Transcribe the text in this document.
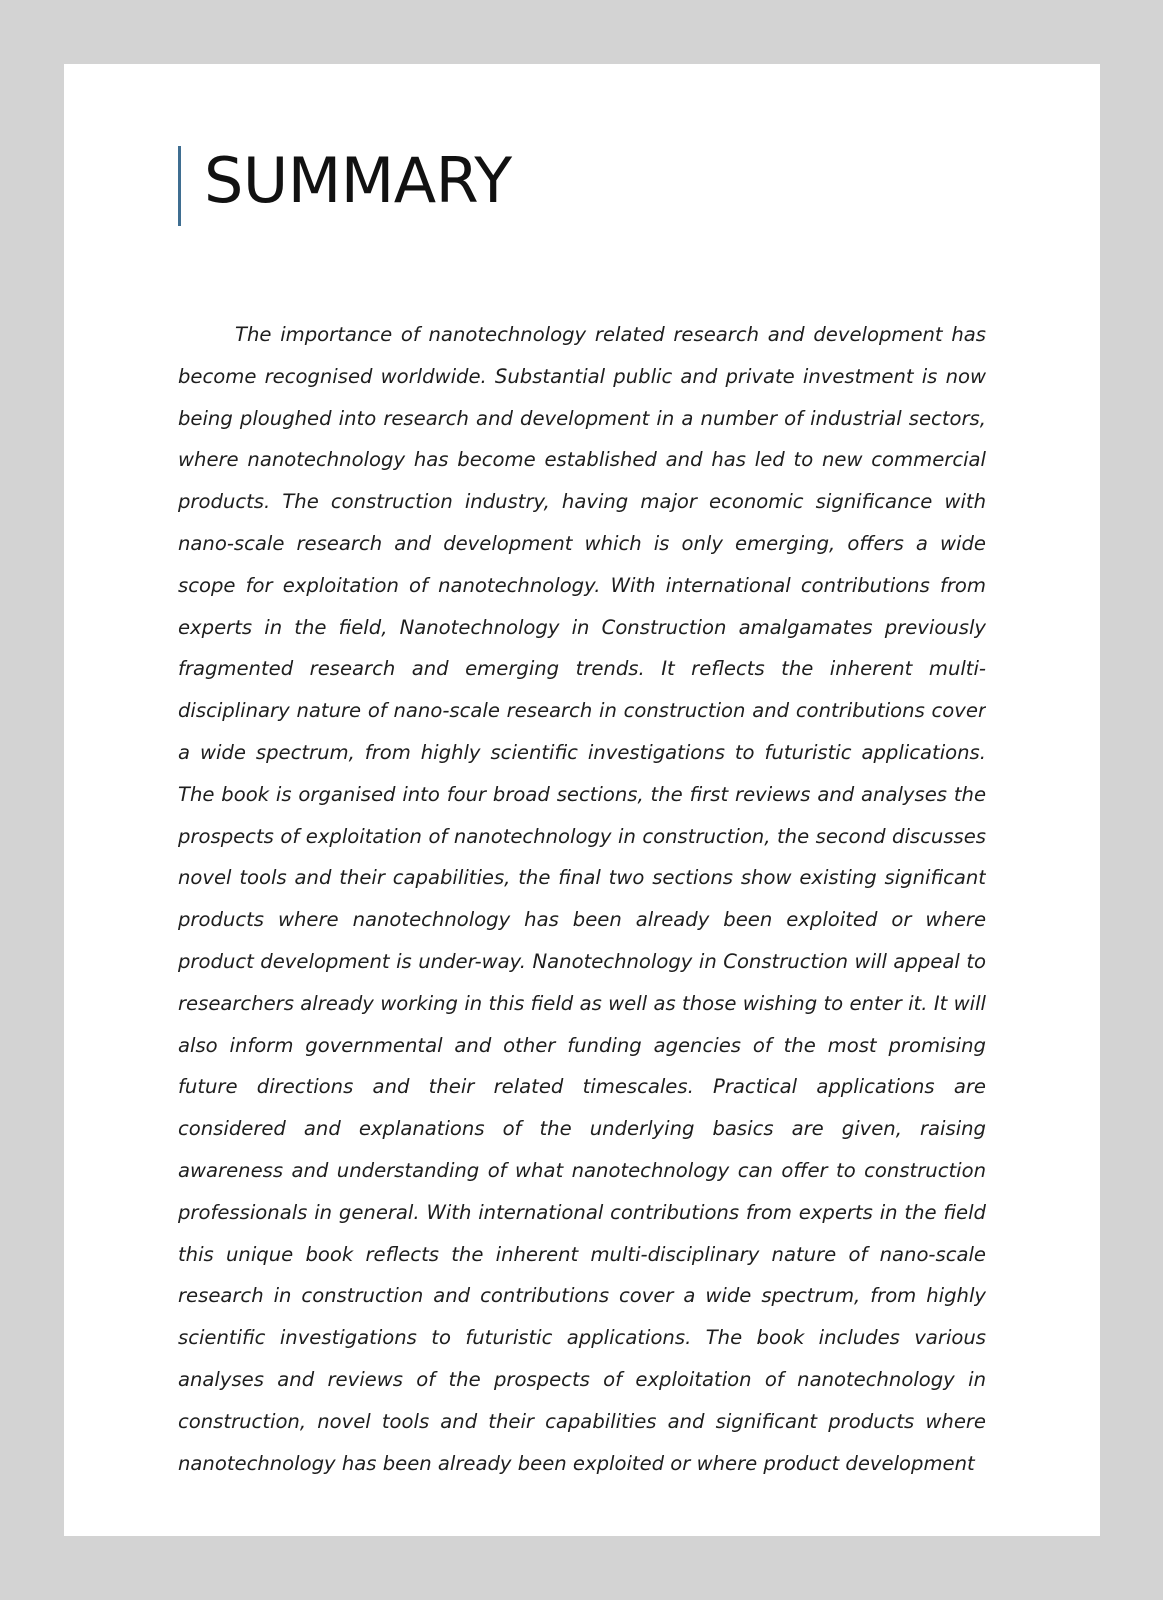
SUMMARY

The importance of nanotechnology related research and development has become recognised worldwide. Substantial public and private investment is now being ploughed into research and development in a number of industrial sectors, where nanotechnology has become established and has led to new commercial products. The construction industry, having major economic significance with nano-scale research and development which is only emerging, offers a wide scope for exploitation of nanotechnology. With international contributions from experts in the field, Nanotechnology in Construction amalgamates previously fragmented research and emerging trends. It reflects the inherent multi-disciplinary nature of nano-scale research in construction and contributions cover a wide spectrum, from highly scientific investigations to futuristic applications. The book is organised into four broad sections, the first reviews and analyses the prospects of exploitation of nanotechnology in construction, the second discusses novel tools and their capabilities, the final two sections show existing significant products where nanotechnology has been already been exploited or where product development is under-way. Nanotechnology in Construction will appeal to researchers already working in this field as well as those wishing to enter it. It will also inform governmental and other funding agencies of the most promising future directions and their related timescales. Practical applications are considered and explanations of the underlying basics are given, raising awareness and understanding of what nanotechnology can offer to construction professionals in general. With international contributions from experts in the field this unique book reflects the inherent multi-disciplinary nature of nano-scale research in construction and contributions cover a wide spectrum, from highly scientific investigations to futuristic applications. The book includes various analyses and reviews of the prospects of exploitation of nanotechnology in construction, novel tools and their capabilities and significant products where nanotechnology has been already been exploited or where product development
